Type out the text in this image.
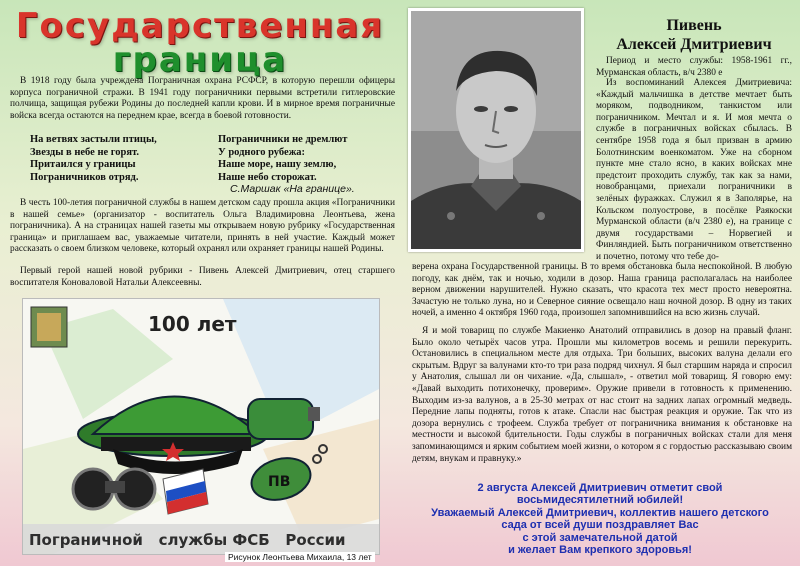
Государственная
граница

В 1918 году была учреждена Пограничная охрана РСФСР, в которую перешли офицеры корпуса пограничной стражи. В 1941 году пограничники первыми встретили гитлеровские полчища, защищая рубежи Родины до последней капли крови. И в мирное время пограничные войска всегда остаются на переднем крае, всегда в боевой готовности.

На ветвях застыли птицы,
Звезды в небе не горят.
Притаился у границы
Пограничников отряд.
Пограничники не дремлют
У родного рубежа:
Наше море, нашу землю,
Наше небо сторожат.
С.Маршак «На границе».

В честь 100-летия пограничной службы в нашем детском саду прошла акция «Пограничники в нашей семье» (организатор - воспитатель Ольга Владимировна Леонтьева, жена пограничника). А на страницах нашей газеты мы открываем новую рубрику «Государственная граница» и приглашаем вас, уважаемые читатели, принять в ней участие. Каждый может рассказать о своем близком человеке, который охранял или охраняет границы нашей Родины.

Первый герой нашей новой рубрики - Пивень Алексей Дмитриевич, отец старшего воспитателя Коноваловой Натальи Алексеевны.

100 лет
ПВ
Пограничной   службы ФСБ   России
Рисунок Леонтьева Михаила, 13 лет
Пивень
Алексей Дмитриевич

Период и место службы: 1958-1961 гг., Мурманская область, в/ч 2380 е

Из воспоминаний Алексея Дмитриевича: «Каждый мальчишка в детстве мечтает быть моряком, подводником, танкистом или пограничником. Мечтал и я. И моя мечта о службе в пограничных войсках сбылась. В сентябре 1958 года я был призван в армию Болотнинским военкоматом. Уже на сборном пункте мне стало ясно, в каких войсках мне предстоит проходить службу, так как за нами, новобранцами, приехали пограничники в зелёных фуражках. Служил я в Заполярье, на Кольском полуострове, в посёлке Раякоски Мурманской области (в/ч 2380 е), на границе с двумя государствами – Норвегией и Финляндией. Быть пограничником ответственно и почетно, потому что тебе до-

верена охрана Государственной границы. В то время обстановка была неспокойной. В любую погоду, как днём, так и ночью, ходили в дозор. Наша граница располагалась на наиболее верном движении нарушителей. Нужно сказать, что красота тех мест просто невероятна. Зачастую не только луна, но и Северное сияние освещало наш ночной дозор. В одну из таких ночей, а именно 4 октября 1960 года, произошел запомнившийся на всю жизнь случай.

Я и мой товарищ по службе Макиенко Анатолий отправились в дозор на правый фланг. Было около четырёх часов утра. Прошли мы километров восемь и решили перекурить. Остановились в специальном месте для отдыха. Три больших, высоких валуна делали его скрытым. Вдруг за валунами кто-то три раза подряд чихнул. Я был старшим наряда и спросил у Анатолия, слышал ли он чихание. «Да, слышал», - ответил мой товарищ. Я говорю ему: «Давай выходить потихонечку, проверим». Оружие привели в готовность к применению. Выходим из-за валунов, а в 25-30 метрах от нас стоит на задних лапах огромный медведь. Передние лапы подняты, готов к атаке. Спасли нас быстрая реакция и оружие. Так что из дозора вернулись с трофеем. Служба требует от пограничника внимания к обстановке на местности и высокой бдительности. Годы службы в пограничных войсках стали для меня запоминающимся и ярким событием моей жизни, о котором я с гордостью рассказываю своим детям, внукам и правнуку.»

2 августа Алексей Дмитриевич отметит свой
восьмидесятилетний юбилей!
Уважаемый Алексей Дмитриевич, коллектив нашего детского
сада от всей души поздравляет Вас
с этой замечательной датой
и желает Вам крепкого здоровья!
